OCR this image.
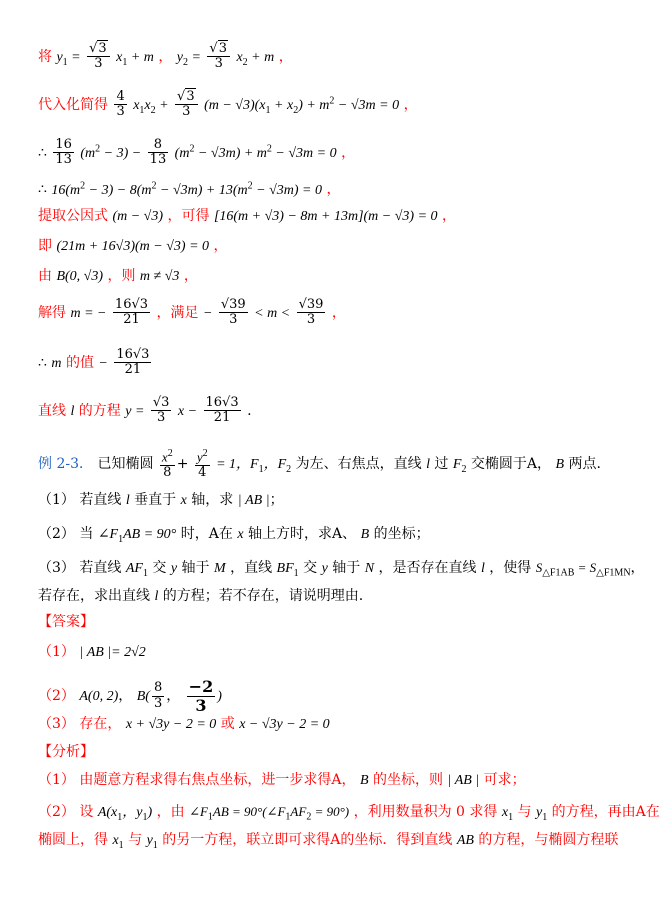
将 $y_1 = \frac{√3}{3} x_1 + m$ ， $y_2 = \frac{√3}{3} x_2 + m$ ，
代入化简得 $\frac{4}{3} x_1x_2 + \frac{√3}{3} (m - √3)(x_1 + x_2) + m^2 - √3m = 0$ ，
∴ $\frac{16}{13} (m^2 - 3) - \frac{8}{13} (m^2 - √3m) + m^2 - √3m = 0$ ，
∴ $16(m^2 - 3) - 8(m^2 - √3m) + 13(m^2 - √3m) = 0$ ，
提取公因式 (m − √3) ，可得 [16(m + √3) − 8m + 13m](m − √3) = 0 ，
即 (21m + 16√3)(m − √3) = 0 ，
由 B(0, √3) ，则 m ≠ √3 ，
解得 m = − $\frac{16√3}{21}$ ，满足 − $\frac{√39}{3} < m < \frac{√39}{3}$ ，
∴ m 的值 − $\frac{16√3}{21}$
直线 l 的方程 $y = \frac{√3}{3}$ $x - \frac{16√3}{21}$ .
例 2-3． 已知椭圆 $\frac{x^2}{8} + \frac{y^2}{4} = 1$，$F_1$，$F_2$ 为左、右焦点，直线 l 过 $F_2$ 交椭圆于A， B 两点.
（1） 若直线 l 垂直于 x 轴，求 | AB |；
（2） 当 $\angle F_1AB = 90^\circ$ 时，A在 x 轴上方时，求A、 B 的坐标；
（3） 若直线 $AF_1$ 交 y 轴于 M ，直线 $BF_1$ 交 y 轴于 N ，是否存在直线 l ，使得 $S_{\triangle F1AB} = S_{\triangle F1MN}$，
若存在，求出直线 l 的方程；若不存在，请说明理由.
【答案】
（1） | AB |= 2√2
（2） A(0, 2)， $B( \frac{8}{3}$ ， $\frac{-2}{3}$ )
（3） 存在， x + √3y − 2 = 0 或 x − √3y − 2 = 0
【分析】
（1） 由题意方程求得右焦点坐标，进一步求得A， B 的坐标，则 | AB | 可求；
（2） 设 $A(x_1$，$y_1$) ，由 $\angle F_1AB$ = $90^\circ(\angle F_1AF_2 = 90^\circ)$ ，利用数量积为 0 求得 $x_1$ 与 $y_1$ 的方程，再由A在
椭圆上，得 $x_1$ 与 $y_1$ 的另一方程，联立即可求得A的坐标．得到直线 AB 的方程，与椭圆方程联
